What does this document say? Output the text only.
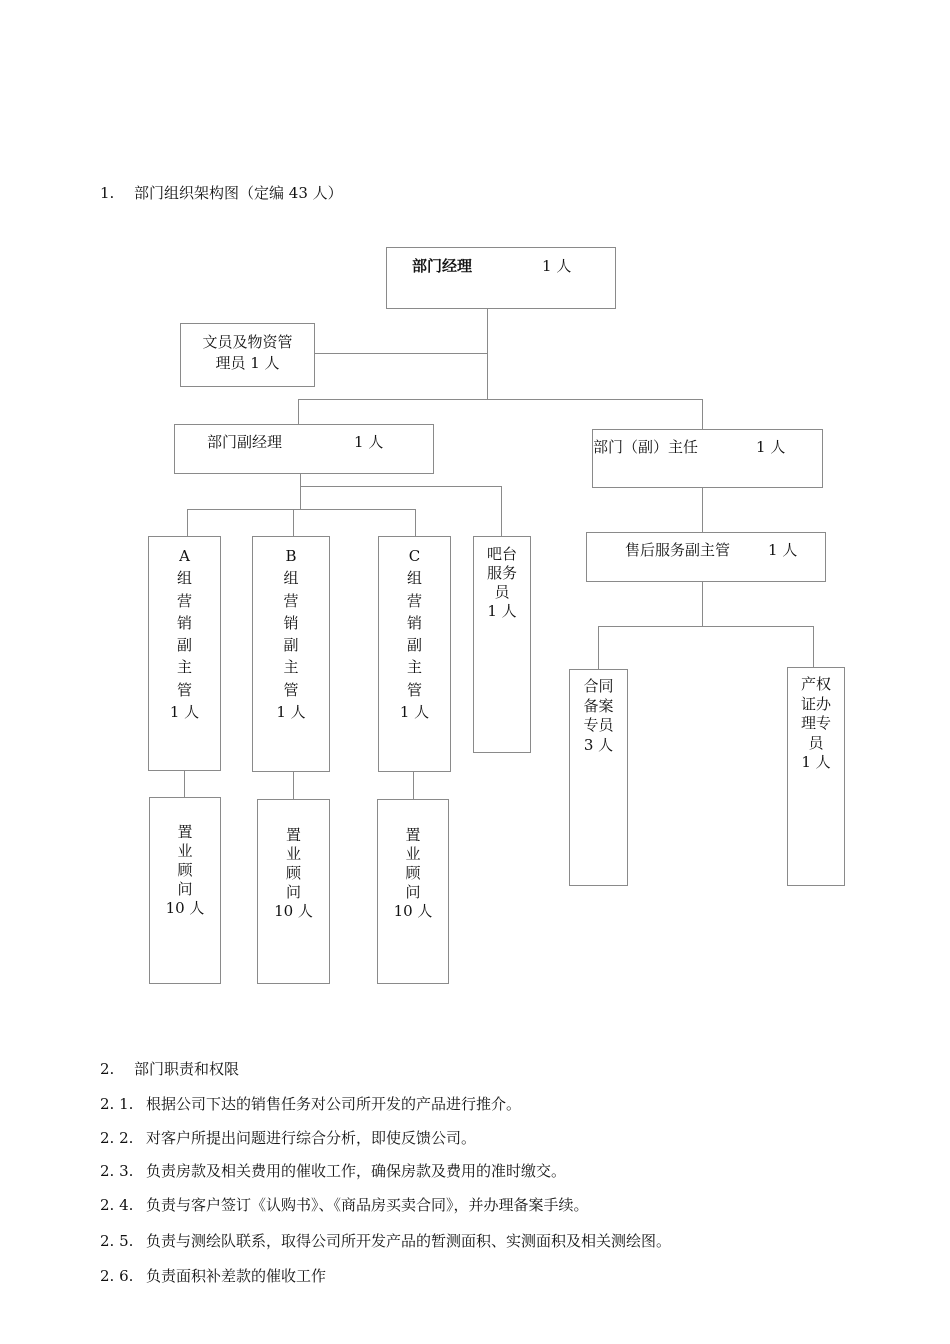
1. 部门组织架构图（定编 43 人）
部门经理	1 人
文员及物资管
理员 1 人
部门副经理	1 人	部门（副）主任	1 人
A
组
营
销
副
主
管
1 人
B
组
营
销
副
主
管
1 人
C
组
营
销
副
主
管
1 人
吧台
服务
员
1 人
售后服务副主管	1 人
合同
备案
专员
3 人
产权
证办
理专
员
1 人
置
业
顾
问
10 人
置
业
顾
问
10 人
置
业
顾
问
10 人
2. 部门职责和权限
2. 1. 根据公司下达的销售任务对公司所开发的产品进行推介。
2. 2. 对客户所提出问题进行综合分析，即使反馈公司。
2. 3. 负责房款及相关费用的催收工作，确保房款及费用的准时缴交。
2. 4. 负责与客户签订《认购书》、《商品房买卖合同》，并办理备案手续。
2. 5. 负责与测绘队联系，取得公司所开发产品的暂测面积、实测面积及相关测绘图。
2. 6. 负责面积补差款的催收工作
